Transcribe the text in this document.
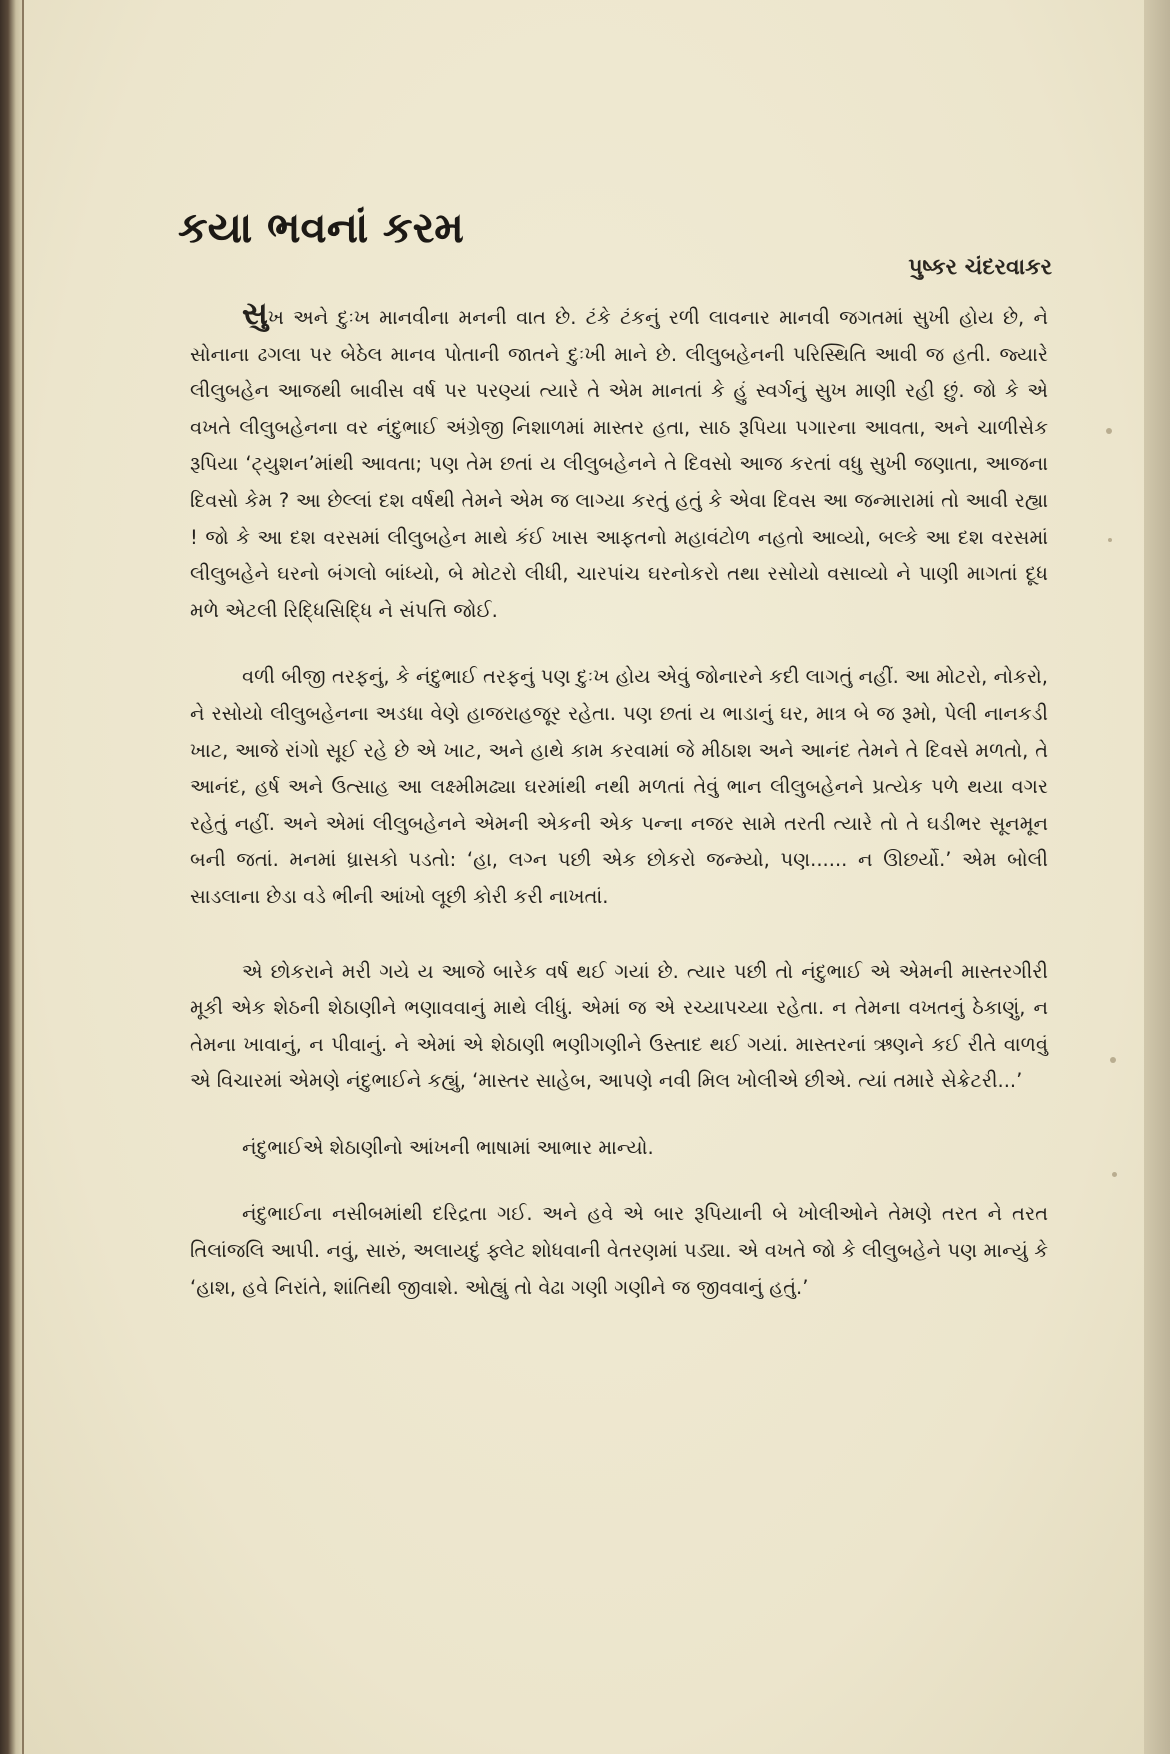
કયા ભવનાં કરમ
પુષ્કર ચંદરવાકર

સુખ અને દુઃખ માનવીના મનની વાત છે. ટંકે ટંકનું રળી લાવનાર માનવી જગતમાં સુખી હોય છે, ને સોનાના ઢગલા પર બેઠેલ માનવ પોતાની જાતને દુઃખી માને છે. લીલુબહેનની પરિસ્થિતિ આવી જ હતી. જ્યારે લીલુબહેન આજથી બાવીસ વર્ષ પર પરણ્યાં ત્યારે તે એમ માનતાં કે હું સ્વર્ગનું સુખ માણી રહી છું. જો કે એ વખતે લીલુબહેનના વર નંદુભાઈ અંગ્રેજી નિશાળમાં માસ્તર હતા, સાઠ રૂપિયા પગારના આવતા, અને ચાળીસેક રૂપિયા ‘ટ્યુશન’માંથી આવતા; પણ તેમ છતાં ય લીલુબહેનને તે દિવસો આજ કરતાં વધુ સુખી જણાતા, આજના દિવસો કેમ ? આ છેલ્લાં દશ વર્ષથી તેમને એમ જ લાગ્યા કરતું હતું કે એવા દિવસ આ જન્મારામાં તો આવી રહ્યા ! જો કે આ દશ વરસમાં લીલુબહેન માથે કંઈ ખાસ આફતનો મહાવંટોળ નહતો આવ્યો, બલ્કે આ દશ વરસમાં લીલુબહેને ઘરનો બંગલો બાંધ્યો, બે મોટરો લીધી, ચારપાંચ ઘરનોકરો તથા રસોયો વસાવ્યો ને પાણી માગતાં દૂધ મળે એટલી રિદ્ધિસિદ્ધિ ને સંપત્તિ જોઈ.

વળી બીજી તરફનું, કે નંદુભાઈ તરફનું પણ દુઃખ હોય એવું જોનારને કદી લાગતું નહીં. આ મોટરો, નોકરો, ને રસોયો લીલુબહેનના અડધા વેણે હાજરાહજૂર રહેતા. પણ છતાં ય ભાડાનું ઘર, માત્ર બે જ રૂમો, પેલી નાનકડી ખાટ, આજે રાંગો સૂઈ રહે છે એ ખાટ, અને હાથે કામ કરવામાં જે મીઠાશ અને આનંદ તેમને તે દિવસે મળતો, તે આનંદ, હર્ષ અને ઉત્સાહ આ લક્ષ્મીમઢ્યા ઘરમાંથી નથી મળતાં તેવું ભાન લીલુબહેનને પ્રત્યેક પળે થયા વગર રહેતું નહીં. અને એમાં લીલુબહેનને એમની એકની એક પન્ના નજર સામે તરતી ત્યારે તો તે ઘડીભર સૂનમૂન બની જતાં. મનમાં ધ્રાસકો પડતો: ‘હા, લગ્ન પછી એક છોકરો જન્મ્યો, પણ...... ન ઊછર્યો.’ એમ બોલી સાડલાના છેડા વડે ભીની આંખો લૂછી કોરી કરી નાખતાં.

એ છોકરાને મરી ગયે ય આજે બારેક વર્ષ થઈ ગયાં છે. ત્યાર પછી તો નંદુભાઈ એ એમની માસ્તરગીરી મૂકી એક શેઠની શેઠાણીને ભણાવવાનું માથે લીધું. એમાં જ એ રચ્યાપચ્યા રહેતા. ન તેમના વખતનું ઠેકાણું, ન તેમના ખાવાનું, ન પીવાનું. ને એમાં એ શેઠાણી ભણીગણીને ઉસ્તાદ થઈ ગયાં. માસ્તરનાં ઋણને કઈ રીતે વાળવું એ વિચારમાં એમણે નંદુભાઈને કહ્યું, ‘માસ્તર સાહેબ, આપણે નવી મિલ ખોલીએ છીએ. ત્યાં તમારે સેક્રેટરી...’

નંદુભાઈએ શેઠાણીનો આંખની ભાષામાં આભાર માન્યો.

નંદુભાઈના નસીબમાંથી દરિદ્રતા ગઈ. અને હવે એ બાર રૂપિયાની બે ખોલીઓને તેમણે તરત ને તરત તિલાંજલિ આપી. નવું, સારું, અલાયદું ફ્લેટ શોધવાની વેતરણમાં પડ્યા. એ વખતે જો કે લીલુબહેને પણ માન્યું કે ‘હાશ, હવે નિરાંતે, શાંતિથી જીવાશે. ઓહ્યું તો વેઢા ગણી ગણીને જ જીવવાનું હતું.’
